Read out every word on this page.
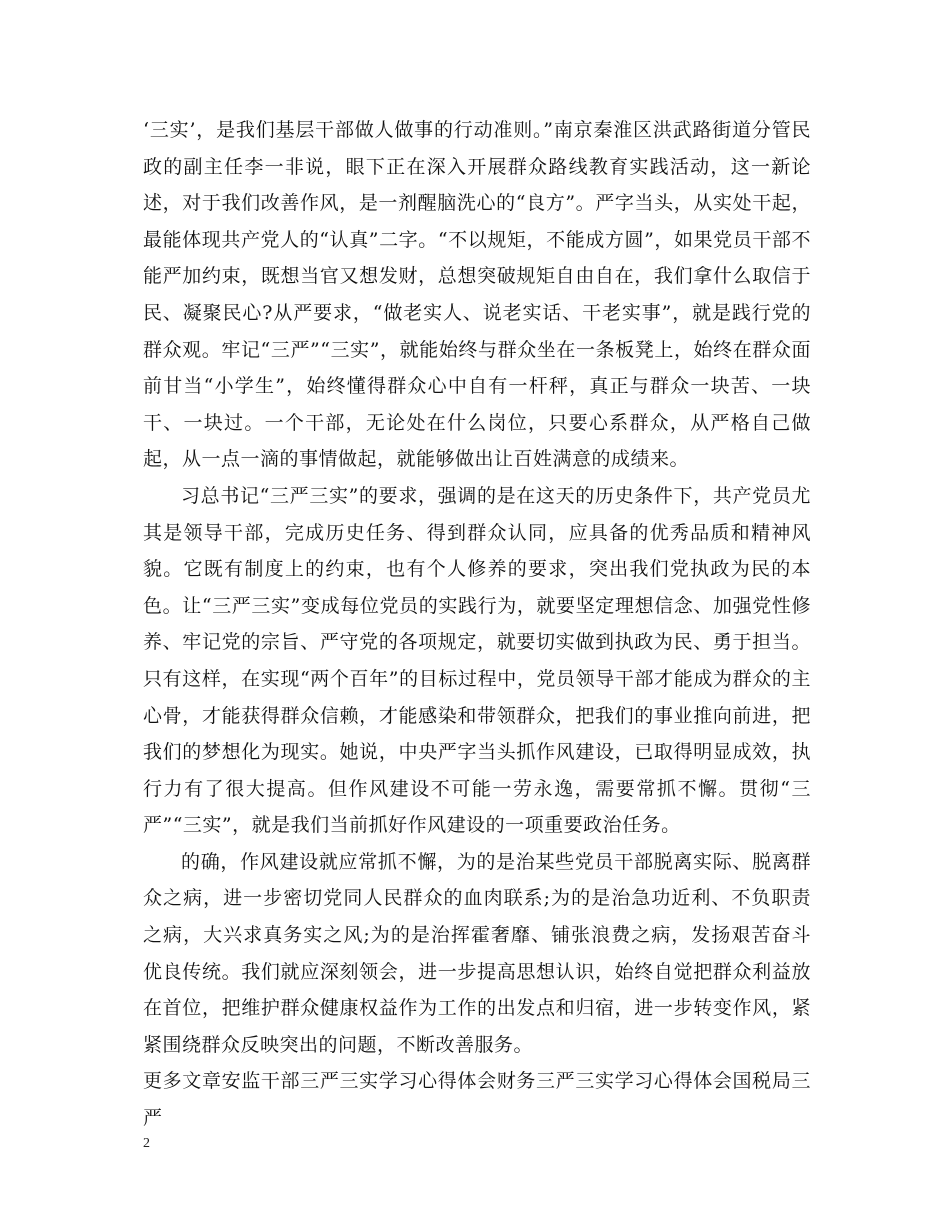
‘三实’，是我们基层干部做人做事的行动准则。”南京秦淮区洪武路街道分管民政的副主任李一非说，眼下正在深入开展群众路线教育实践活动，这一新论述，对于我们改善作风，是一剂醒脑洗心的“良方”。严字当头，从实处干起，最能体现共产党人的“认真”二字。“不以规矩，不能成方圆”，如果党员干部不能严加约束，既想当官又想发财，总想突破规矩自由自在，我们拿什么取信于民、凝聚民心?从严要求，“做老实人、说老实话、干老实事”，就是践行党的群众观。牢记“三严”“三实”，就能始终与群众坐在一条板凳上，始终在群众面前甘当“小学生”，始终懂得群众心中自有一杆秤，真正与群众一块苦、一块干、一块过。一个干部，无论处在什么岗位，只要心系群众，从严格自己做起，从一点一滴的事情做起，就能够做出让百姓满意的成绩来。

习总书记“三严三实”的要求，强调的是在这天的历史条件下，共产党员尤其是领导干部，完成历史任务、得到群众认同，应具备的优秀品质和精神风貌。它既有制度上的约束，也有个人修养的要求，突出我们党执政为民的本色。让“三严三实”变成每位党员的实践行为，就要坚定理想信念、加强党性修养、牢记党的宗旨、严守党的各项规定，就要切实做到执政为民、勇于担当。只有这样，在实现“两个百年”的目标过程中，党员领导干部才能成为群众的主心骨，才能获得群众信赖，才能感染和带领群众，把我们的事业推向前进，把我们的梦想化为现实。她说，中央严字当头抓作风建设，已取得明显成效，执行力有了很大提高。但作风建设不可能一劳永逸，需要常抓不懈。贯彻“三严”“三实”，就是我们当前抓好作风建设的一项重要政治任务。

的确，作风建设就应常抓不懈，为的是治某些党员干部脱离实际、脱离群众之病，进一步密切党同人民群众的血肉联系;为的是治急功近利、不负职责之病，大兴求真务实之风;为的是治挥霍奢靡、铺张浪费之病，发扬艰苦奋斗优良传统。我们就应深刻领会，进一步提高思想认识，始终自觉把群众利益放在首位，把维护群众健康权益作为工作的出发点和归宿，进一步转变作风，紧紧围绕群众反映突出的问题，不断改善服务。

更多文章安监干部三严三实学习心得体会财务三严三实学习心得体会国税局三严

2
